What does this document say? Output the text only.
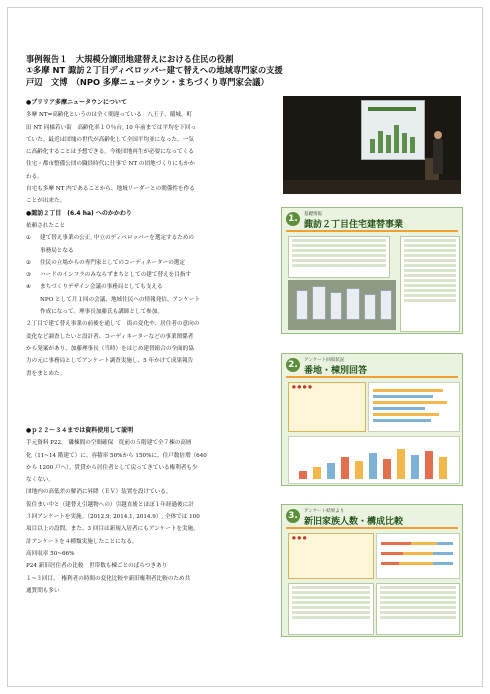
事例報告１　大規模分譲団地建替えにおける住民の役割
①多摩 NT 諏訪２丁目ディベロッパー建て替えへの地域専門家の支援
戸辺　文博　（NPO 多摩ニュータウン・まちづくり専門家会議）
●ブリリア多摩ニュータウンについて
多摩 NT=高齢化というのは全く間違っている　八王子、稲城、町
田 NT 同様若い街　高齢化率１０％台, 10 年前までは平均を下回っ
ていた。最近は団塊の世代が高齢化して全国平均並になった。一気
に高齢化することは予想できる。今後団地再生が必要になってくる
住宅・都市整備公団の職員時代に仕事で NT の団地づくりにもかか
わる。
自宅も多摩 NT 内であることから、地域リーダーとの関係性を作る
ことが出来た。
●諏訪２丁目　(6.4 ha) へのかかわり
依頼されたこと
① 建て替え事業の公正, 中立のディベロッパーを選定するための
事務局となる
② 住民の立場からの専門家としてのコーディネーターの選定
③ ハードのインフラのみならずまちとしての建て替えを目指す
④ まちづくりデザイン会議の事務局としても支える
NPO として月１回の会議、地域住民への情報発信、アンケート
作成になって。理事長加藤氏も講師として参加。
２丁目で建て替え事業の前後を通して　街の変化や、居住者の意向の
変化など調査したいと設計者、コーディネーターなどの事業関係者
から発案があり、加藤理事長（当時）をはじめ建替組合の全面的協
力の元に事務局としてアンケート調査実施し、5 年かけて成果報告
書をまとめた。
●ｐ２２～３４までは資料使用して説明
手元資料 P22.　隣棟間の空間確保　従前の５階建て全７棟の高層
化（11~14 階建て）に。容積率 50%から 150%に。住戸数倍増（640
から 1200 戸へ）。賃貸から居住者として戻ってきている権利者も少
なくない。
団地内の高低差の解消に昇降（ＥＶ）装置を設けている。
仮住まい中と（建替え引越物への）引越直後とほぼ１年経過後に計
３回アンケートを実施。（2012.9, 2014.1, 2014.9）, 全体では 100
項目以上の設問。また、3 回目は新規入居者にもアンケートを実施。
計アンケートを４種類実施したことになる。
高回収率 50~66%
P24 新旧居住者の比較　世帯数も棟ごとのばらつきあり
１~３回目、　権利者の時間の変化比較や新旧権利者比較のため共
通質問も多い
1.	基礎情報
諏訪２丁目住宅建替事業
2.	アンケート回収状況
番地・棟別回答
● ● ● ●
3.	アンケート結果より
新旧家族人数・構成比較
● ● ●
